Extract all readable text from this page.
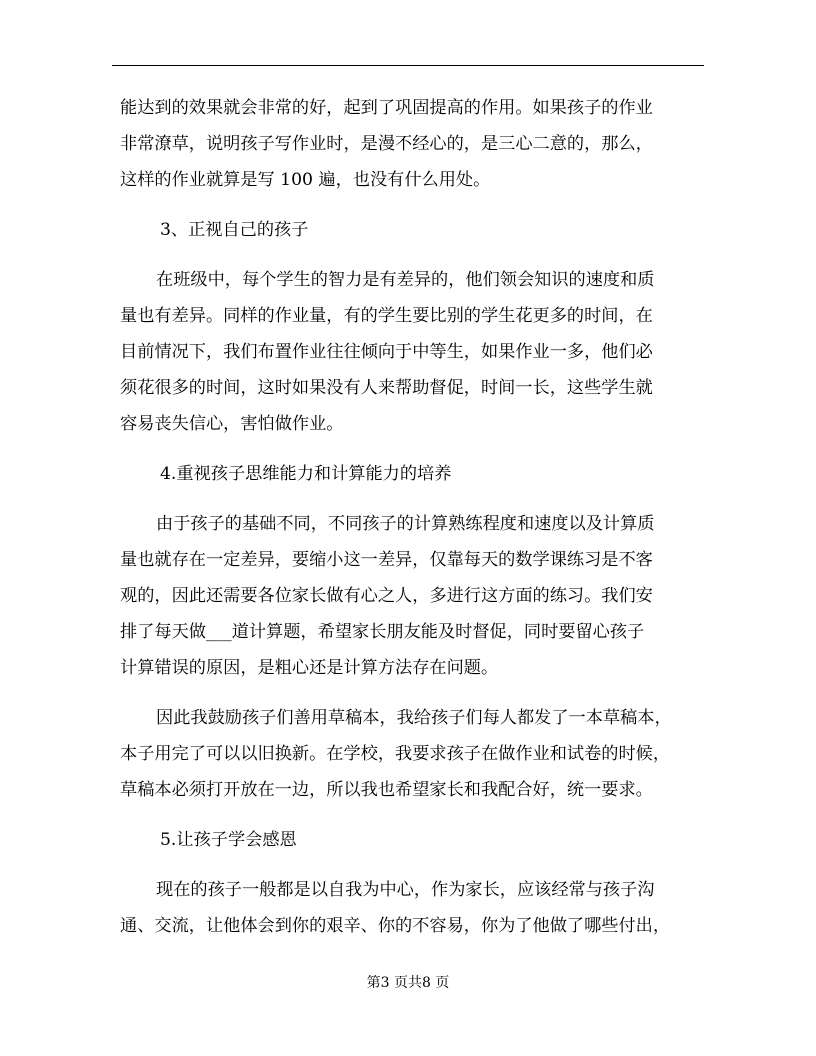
能达到的效果就会非常的好，起到了巩固提高的作用。如果孩子的作业
非常潦草，说明孩子写作业时，是漫不经心的，是三心二意的，那么，
这样的作业就算是写 100 遍，也没有什么用处。
3、正视自己的孩子
在班级中，每个学生的智力是有差异的，他们领会知识的速度和质
量也有差异。同样的作业量，有的学生要比别的学生花更多的时间，在
目前情况下，我们布置作业往往倾向于中等生，如果作业一多，他们必
须花很多的时间，这时如果没有人来帮助督促，时间一长，这些学生就
容易丧失信心，害怕做作业。
4.重视孩子思维能力和计算能力的培养
由于孩子的基础不同，不同孩子的计算熟练程度和速度以及计算质
量也就存在一定差异，要缩小这一差异，仅靠每天的数学课练习是不客
观的，因此还需要各位家长做有心之人，多进行这方面的练习。我们安
排了每天做___道计算题，希望家长朋友能及时督促，同时要留心孩子
计算错误的原因，是粗心还是计算方法存在问题。
因此我鼓励孩子们善用草稿本，我给孩子们每人都发了一本草稿本，
本子用完了可以以旧换新。在学校，我要求孩子在做作业和试卷的时候，
草稿本必须打开放在一边，所以我也希望家长和我配合好，统一要求。
5.让孩子学会感恩
现在的孩子一般都是以自我为中心，作为家长，应该经常与孩子沟
通、交流，让他体会到你的艰辛、你的不容易，你为了他做了哪些付出，
第3 页共8 页
